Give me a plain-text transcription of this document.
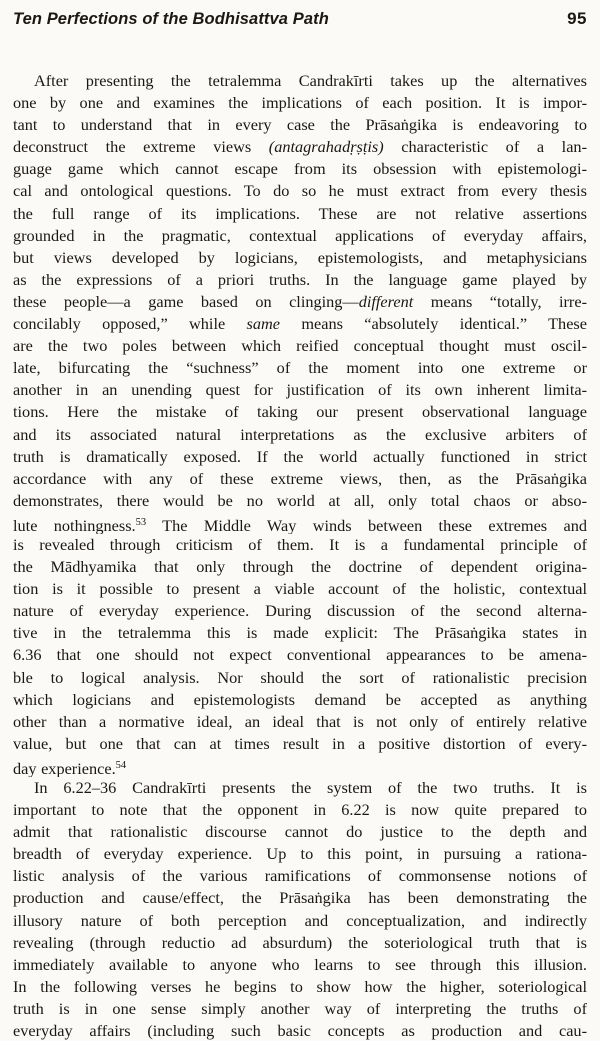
Ten Perfections of the Bodhisattva Path	95
After presenting the tetralemma Candrakīrti takes up the alternatives
one by one and examines the implications of each position. It is impor-
tant to understand that in every case the Prāsaṅgika is endeavoring to
deconstruct the extreme views (antagrahadṛṣṭis) characteristic of a lan-
guage game which cannot escape from its obsession with epistemologi-
cal and ontological questions. To do so he must extract from every thesis
the full range of its implications. These are not relative assertions
grounded in the pragmatic, contextual applications of everyday affairs,
but views developed by logicians, epistemologists, and metaphysicians
as the expressions of a priori truths. In the language game played by
these people—a game based on clinging—different means “totally, irre-
concilably opposed,” while same means “absolutely identical.” These
are the two poles between which reified conceptual thought must oscil-
late, bifurcating the “suchness” of the moment into one extreme or
another in an unending quest for justification of its own inherent limita-
tions. Here the mistake of taking our present observational language
and its associated natural interpretations as the exclusive arbiters of
truth is dramatically exposed. If the world actually functioned in strict
accordance with any of these extreme views, then, as the Prāsaṅgika
demonstrates, there would be no world at all, only total chaos or abso-
lute nothingness.$^{53}$ The Middle Way winds between these extremes and
is revealed through criticism of them. It is a fundamental principle of
the Mādhyamika that only through the doctrine of dependent origina-
tion is it possible to present a viable account of the holistic, contextual
nature of everyday experience. During discussion of the second alterna-
tive in the tetralemma this is made explicit: The Prāsaṅgika states in
6.36 that one should not expect conventional appearances to be amena-
ble to logical analysis. Nor should the sort of rationalistic precision
which logicians and epistemologists demand be accepted as anything
other than a normative ideal, an ideal that is not only of entirely relative
value, but one that can at times result in a positive distortion of every-
day experience.$^{54}$
In 6.22–36 Candrakīrti presents the system of the two truths. It is
important to note that the opponent in 6.22 is now quite prepared to
admit that rationalistic discourse cannot do justice to the depth and
breadth of everyday experience. Up to this point, in pursuing a rationa-
listic analysis of the various ramifications of commonsense notions of
production and cause/effect, the Prāsaṅgika has been demonstrating the
illusory nature of both perception and conceptualization, and indirectly
revealing (through reductio ad absurdum) the soteriological truth that is
immediately available to anyone who learns to see through this illusion.
In the following verses he begins to show how the higher, soteriological
truth is in one sense simply another way of interpreting the truths of
everyday affairs (including such basic concepts as production and cau-
